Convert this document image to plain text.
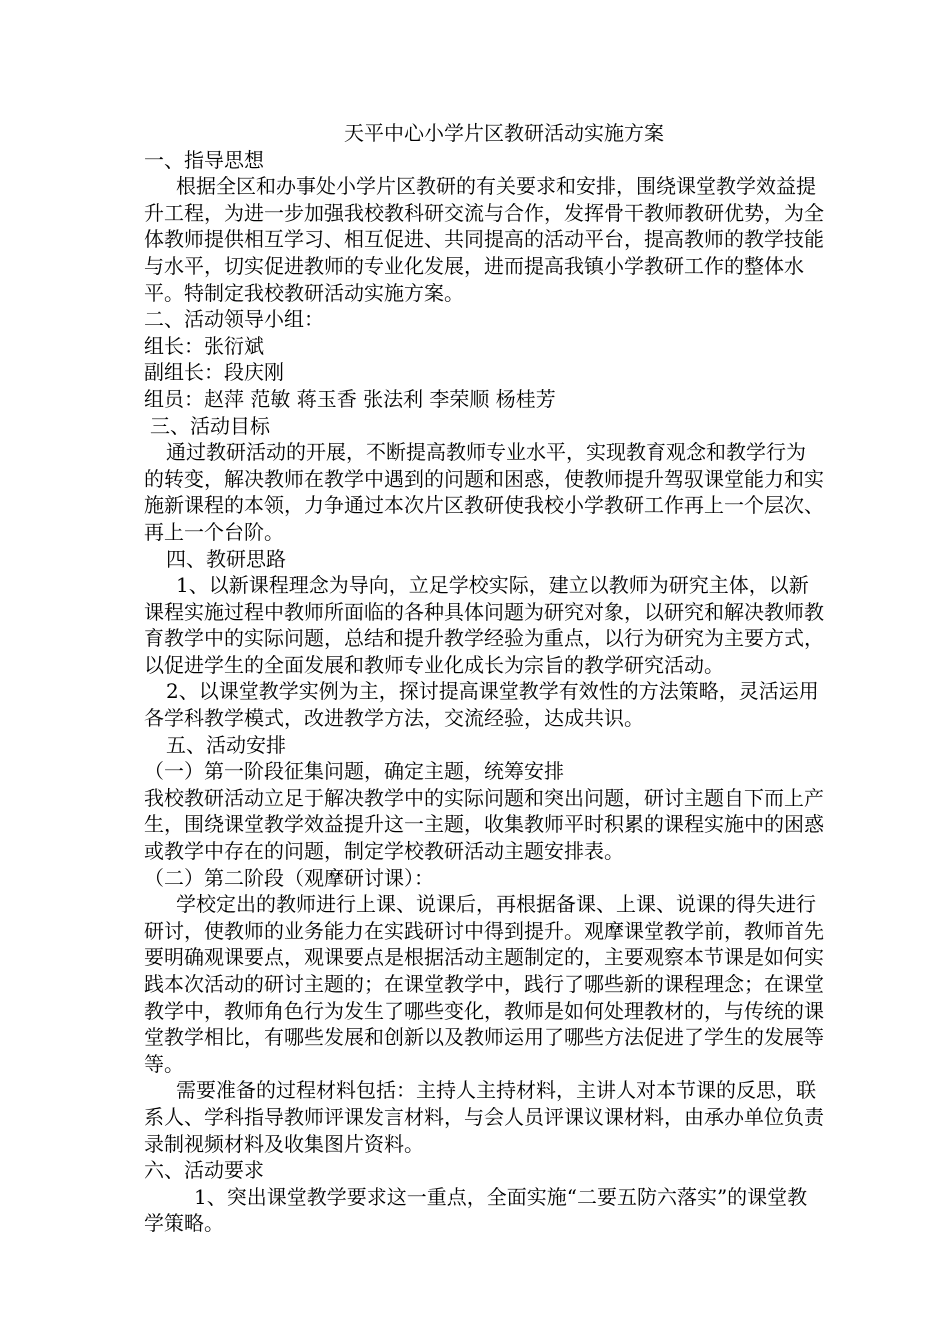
天平中心小学片区教研活动实施方案

一、指导思想

根据全区和办事处小学片区教研的有关要求和安排，围绕课堂教学效益提升工程，为进一步加强我校教科研交流与合作，发挥骨干教师教研优势，为全体教师提供相互学习、相互促进、共同提高的活动平台，提高教师的教学技能与水平，切实促进教师的专业化发展，进而提高我镇小学教研工作的整体水平。特制定我校教研活动实施方案。

二、活动领导小组：

组长：张衍斌

副组长：段庆刚

组员：赵萍 范敏 蒋玉香 张法利 李荣顺 杨桂芳

三、活动目标

通过教研活动的开展，不断提高教师专业水平，实现教育观念和教学行为的转变，解决教师在教学中遇到的问题和困惑，使教师提升驾驭课堂能力和实施新课程的本领，力争通过本次片区教研使我校小学教研工作再上一个层次、再上一个台阶。

四、教研思路

1、以新课程理念为导向，立足学校实际，建立以教师为研究主体，以新课程实施过程中教师所面临的各种具体问题为研究对象，以研究和解决教师教育教学中的实际问题，总结和提升教学经验为重点，以行为研究为主要方式，以促进学生的全面发展和教师专业化成长为宗旨的教学研究活动。

2、以课堂教学实例为主，探讨提高课堂教学有效性的方法策略，灵活运用各学科教学模式，改进教学方法，交流经验，达成共识。

五、活动安排

（一）第一阶段征集问题，确定主题，统筹安排

我校教研活动立足于解决教学中的实际问题和突出问题，研讨主题自下而上产生，围绕课堂教学效益提升这一主题，收集教师平时积累的课程实施中的困惑或教学中存在的问题，制定学校教研活动主题安排表。

（二）第二阶段（观摩研讨课）：

学校定出的教师进行上课、说课后，再根据备课、上课、说课的得失进行研讨，使教师的业务能力在实践研讨中得到提升。观摩课堂教学前，教师首先要明确观课要点，观课要点是根据活动主题制定的，主要观察本节课是如何实践本次活动的研讨主题的；在课堂教学中，践行了哪些新的课程理念；在课堂教学中，教师角色行为发生了哪些变化，教师是如何处理教材的，与传统的课堂教学相比，有哪些发展和创新以及教师运用了哪些方法促进了学生的发展等等。

需要准备的过程材料包括：主持人主持材料，主讲人对本节课的反思，联系人、学科指导教师评课发言材料，与会人员评课议课材料，由承办单位负责录制视频材料及收集图片资料。

六、活动要求

1、突出课堂教学要求这一重点，全面实施“二要五防六落实”的课堂教学策略。
